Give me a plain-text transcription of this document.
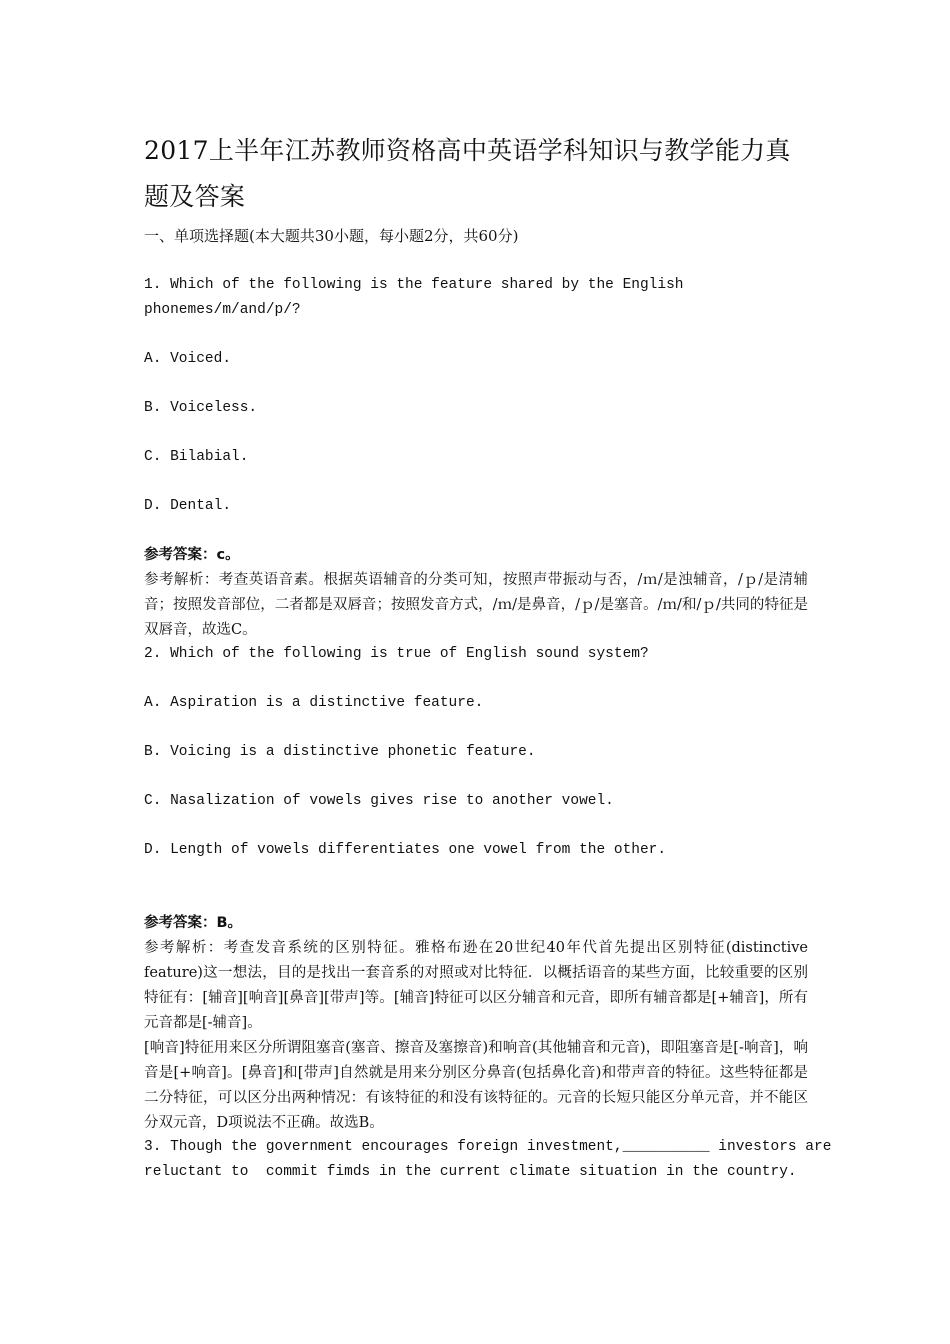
2017上半年江苏教师资格高中英语学科知识与教学能力真题及答案
一、单项选择题(本大题共30小题，每小题2分，共60分)
1. Which of the following is the feature shared by the English
phonemes/m/and/p/?
A. Voiced.
B. Voiceless.
C. Bilabial.
D. Dental.
参考答案：c。

参考解析：考查英语音素。根据英语辅音的分类可知，按照声带振动与否，/ｍ/是浊辅音，/ｐ/是清辅音；按照发音部位，二者都是双唇音；按照发音方式，/ｍ/是鼻音，/ｐ/是塞音。/ｍ/和/ｐ/共同的特征是双唇音，故选C。

2. Which of the following is true of English sound system?
A. Aspiration is a distinctive feature.
B. Voicing is a distinctive phonetic feature.
C. Nasalization of vowels gives rise to another vowel.
D. Length of vowels differentiates one vowel from the other.
参考答案：B。

参考解析：考查发音系统的区别特征。雅格布逊在20世纪40年代首先提出区别特征(distinctive feature)这一想法，目的是找出一套音系的对照或对比特征．以概括语音的某些方面，比较重要的区别特征有：[辅音][响音][鼻音][带声]等。[辅音]特征可以区分辅音和元音，即所有辅音都是[+辅音]，所有元音都是[-辅音]。

[响音]特征用来区分所谓阻塞音(塞音、擦音及塞擦音)和响音(其他辅音和元音)，即阻塞音是[-响音]，响音是[+响音]。[鼻音]和[带声]自然就是用来分别区分鼻音(包括鼻化音)和带声音的特征。这些特征都是二分特征，可以区分出两种情况：有该特征的和没有该特征的。元音的长短只能区分单元音，并不能区分双元音，D项说法不正确。故选B。

3. Though the government encourages foreign investment,__________ investors are
reluctant to  commit fimds in the current climate situation in the country.
